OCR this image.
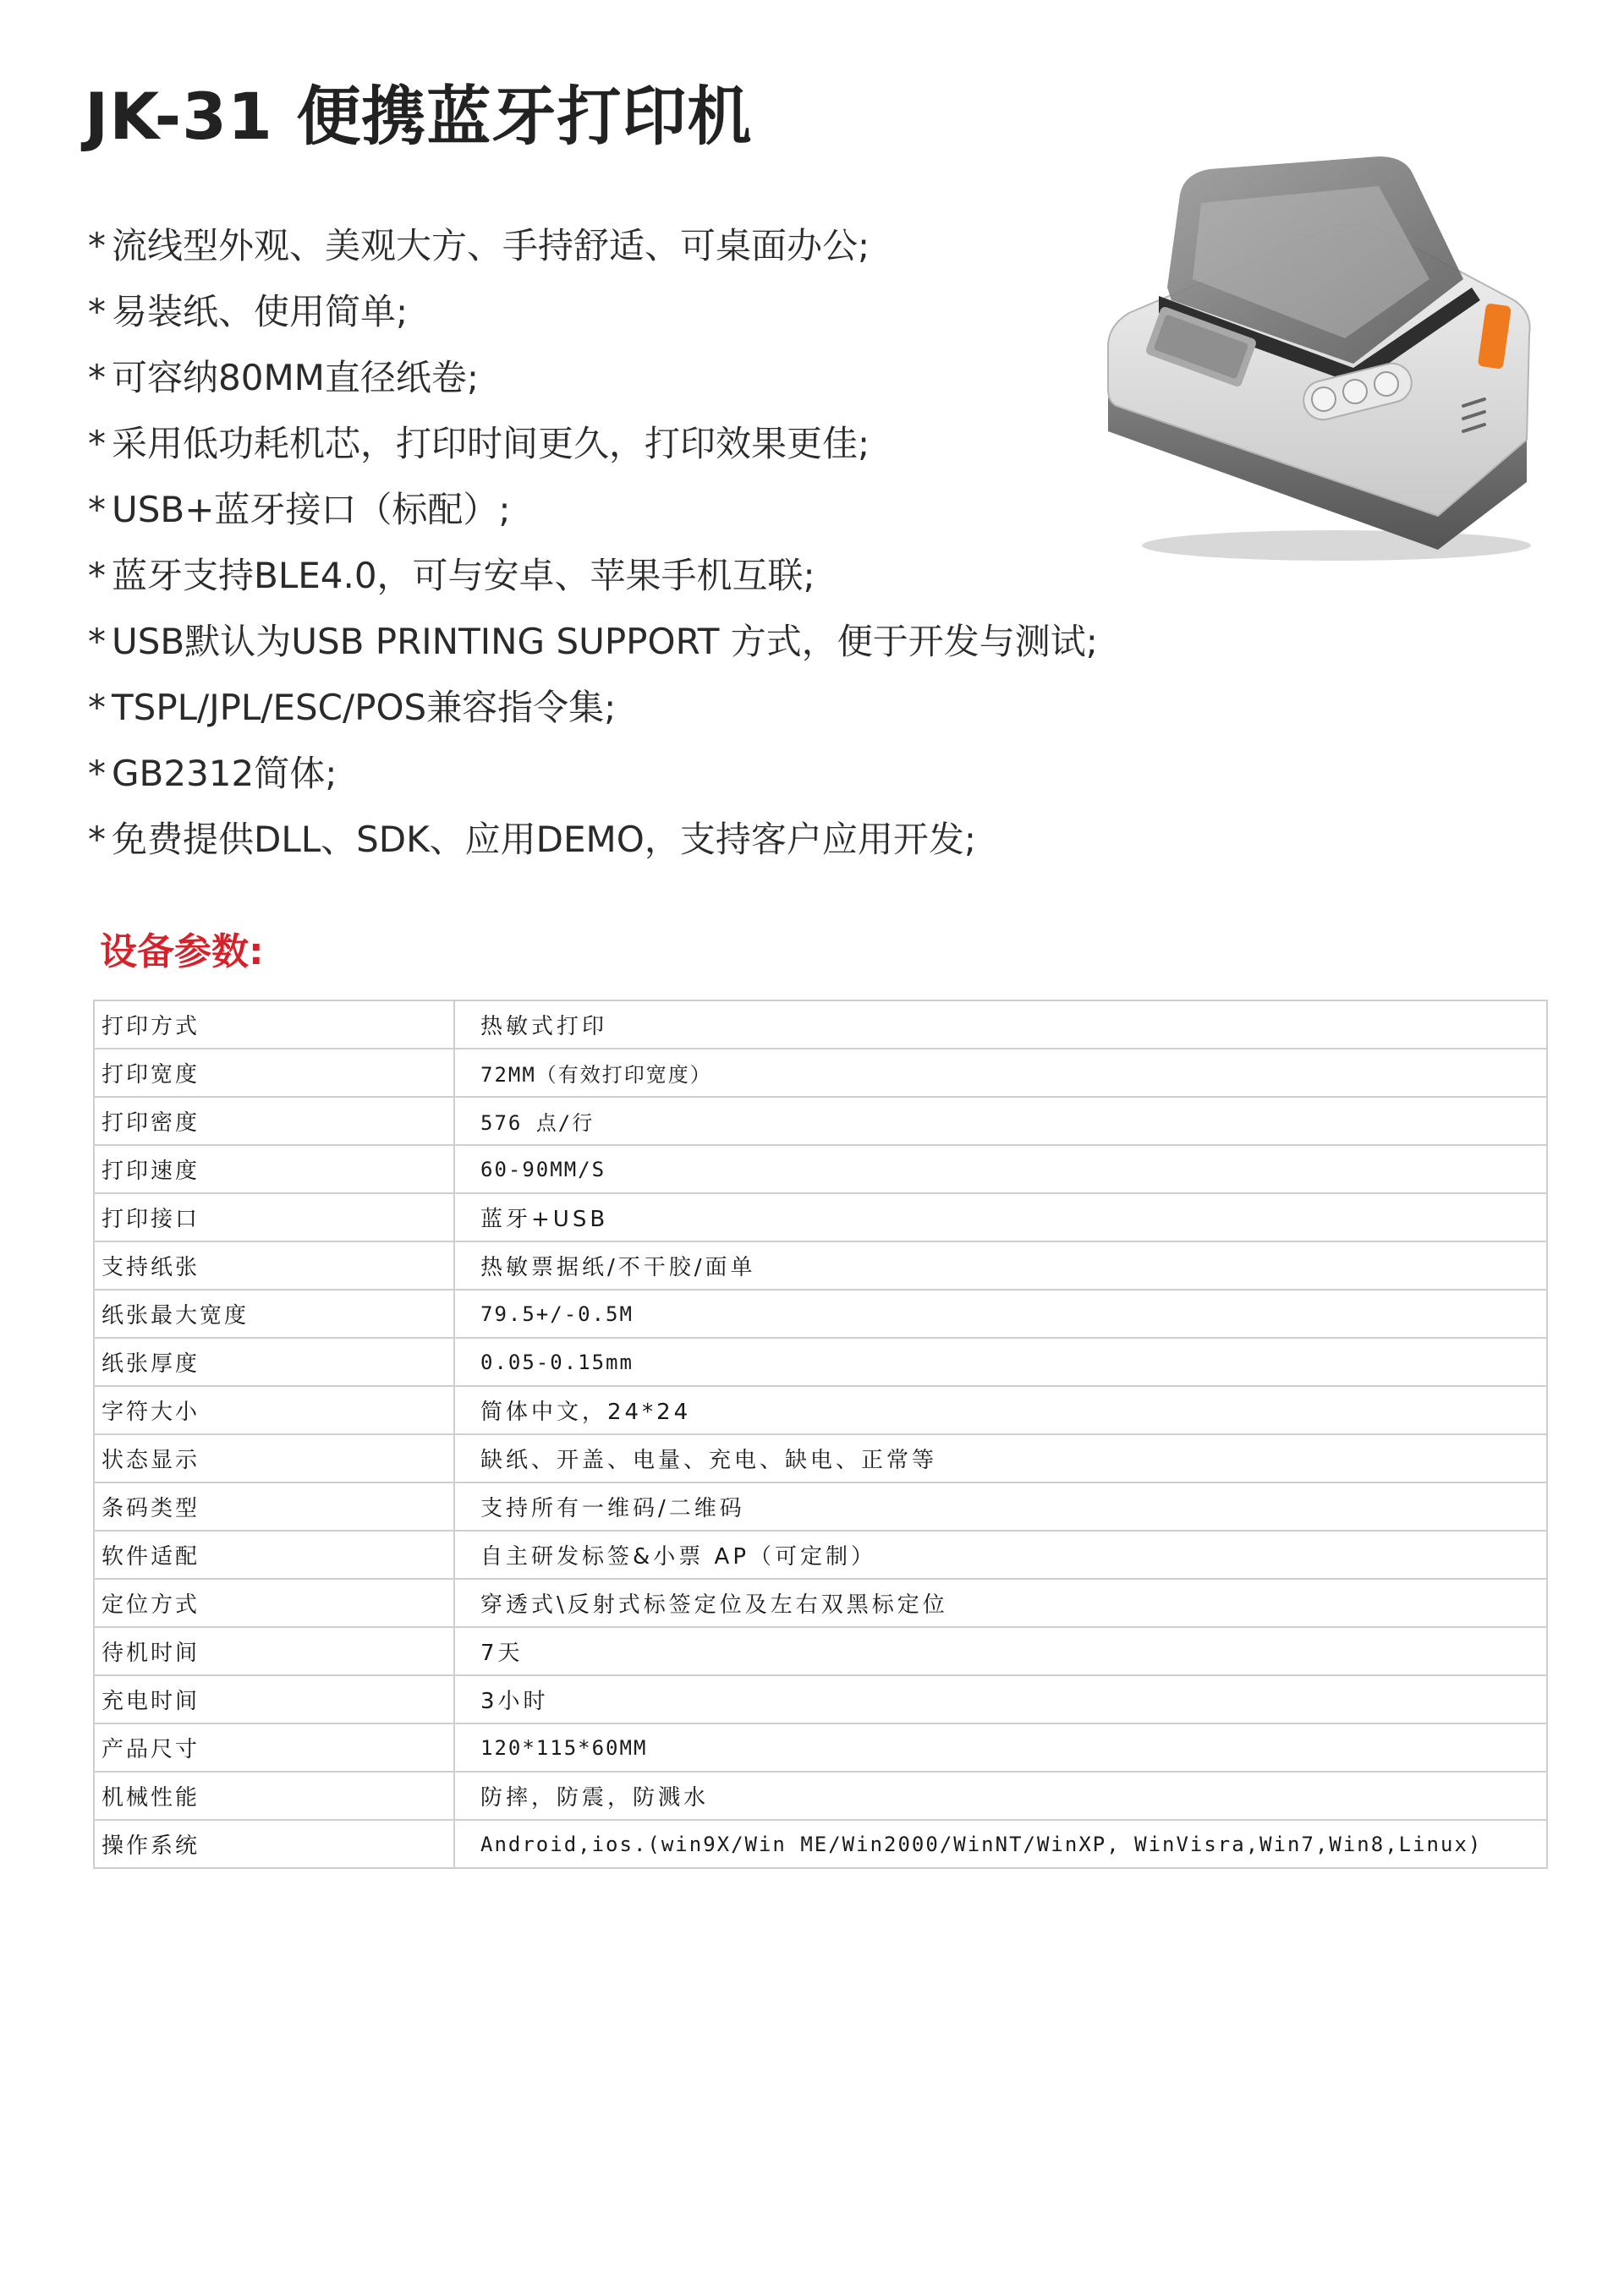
JK-31 便携蓝牙打印机
* 流线型外观、美观大方、手持舒适、可桌面办公;
* 易装纸、使用简单;
* 可容纳80MM直径纸卷;
* 采用低功耗机芯，打印时间更久，打印效果更佳;
* USB+蓝牙接口（标配）;
* 蓝牙支持BLE4.0，可与安卓、苹果手机互联;
* USB默认为USB PRINTING SUPPORT 方式，便于开发与测试;
* TSPL/JPL/ESC/POS兼容指令集;
* GB2312简体;
* 免费提供DLL、SDK、应用DEMO，支持客户应用开发;
设备参数:
打印方式	热敏式打印
打印宽度	72MM（有效打印宽度）
打印密度	576 点/行
打印速度	60-90MM/S
打印接口	蓝牙+USB
支持纸张	热敏票据纸/不干胶/面单
纸张最大宽度	79.5+/-0.5M
纸张厚度	0.05-0.15mm
字符大小	简体中文，24*24
状态显示	缺纸、开盖、电量、充电、缺电、正常等
条码类型	支持所有一维码/二维码
软件适配	自主研发标签&小票 AP（可定制）
定位方式	穿透式\反射式标签定位及左右双黑标定位
待机时间	7天
充电时间	3小时
产品尺寸	120*115*60MM
机械性能	防摔，防震，防溅水
操作系统	Android,ios.(win9X/Win ME/Win2000/WinNT/WinXP, WinVisra,Win7,Win8,Linux)
